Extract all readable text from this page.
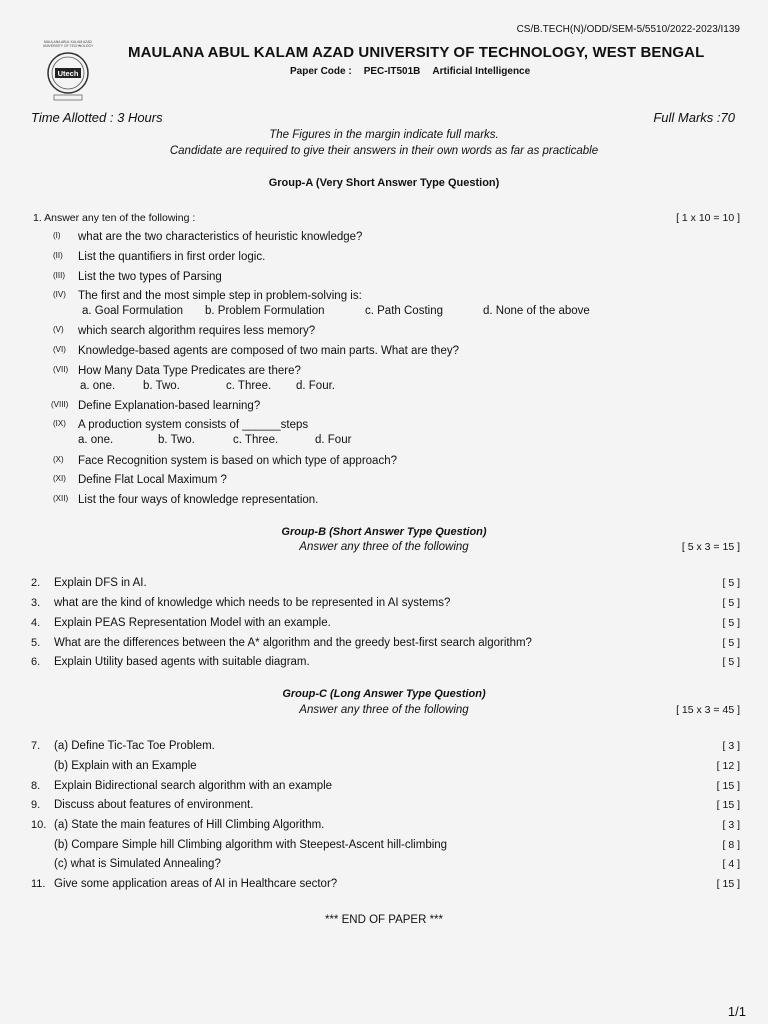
CS/B.TECH(N)/ODD/SEM-5/5510/2022-2023/I139
MAULANA ABUL KALAM AZAD
UNIVERSITY OF TECHNOLOGY
Utech
MAULANA ABUL KALAM AZAD UNIVERSITY OF TECHNOLOGY, WEST BENGAL
Paper Code : PEC-IT501B Artificial Intelligence
Time Allotted : 3 Hours	Full Marks :70
The Figures in the margin indicate full marks.
Candidate are required to give their answers in their own words as far as practicable
Group-A (Very Short Answer Type Question)
1. Answer any ten of the following :	[ 1 x 10 = 10 ]
(I) what are the two characteristics of heuristic knowledge?
(II) List the quantifiers in first order logic.
(III) List the two types of Parsing
(IV) The first and the most simple step in problem-solving is:
a. Goal Formulation b. Problem Formulation	c. Path Costing	d. None of the above
(V) which search algorithm requires less memory?
(VI) Knowledge-based agents are composed of two main parts. What are they?
(VII) How Many Data Type Predicates are there?
a. one. b. Two.	c. Three. d. Four.
(VIII) Define Explanation-based learning?
(IX) A production system consists of ______steps
a. one.	b. Two.	c. Three.	d. Four
(X) Face Recognition system is based on which type of approach?
(XI) Define Flat Local Maximum ?
(XII) List the four ways of knowledge representation.
Group-B (Short Answer Type Question)
Answer any three of the following	[ 5 x 3 = 15 ]
2. Explain DFS in AI.	[ 5 ]
3. what are the kind of knowledge which needs to be represented in AI systems?	[ 5 ]
4. Explain PEAS Representation Model with an example.	[ 5 ]
5. What are the differences between the A* algorithm and the greedy best-first search algorithm?	[ 5 ]
6. Explain Utility based agents with suitable diagram.	[ 5 ]
Group-C (Long Answer Type Question)
Answer any three of the following	[ 15 x 3 = 45 ]
7. (a) Define Tic-Tac Toe Problem.	[ 3 ]
(b) Explain with an Example	[ 12 ]
8. Explain Bidirectional search algorithm with an example	[ 15 ]
9. Discuss about features of environment.	[ 15 ]
10. (a) State the main features of Hill Climbing Algorithm.	[ 3 ]
(b) Compare Simple hill Climbing algorithm with Steepest-Ascent hill-climbing	[ 8 ]
(c) what is Simulated Annealing?	[ 4 ]
11. Give some application areas of AI in Healthcare sector?	[ 15 ]
*** END OF PAPER ***
1/1
